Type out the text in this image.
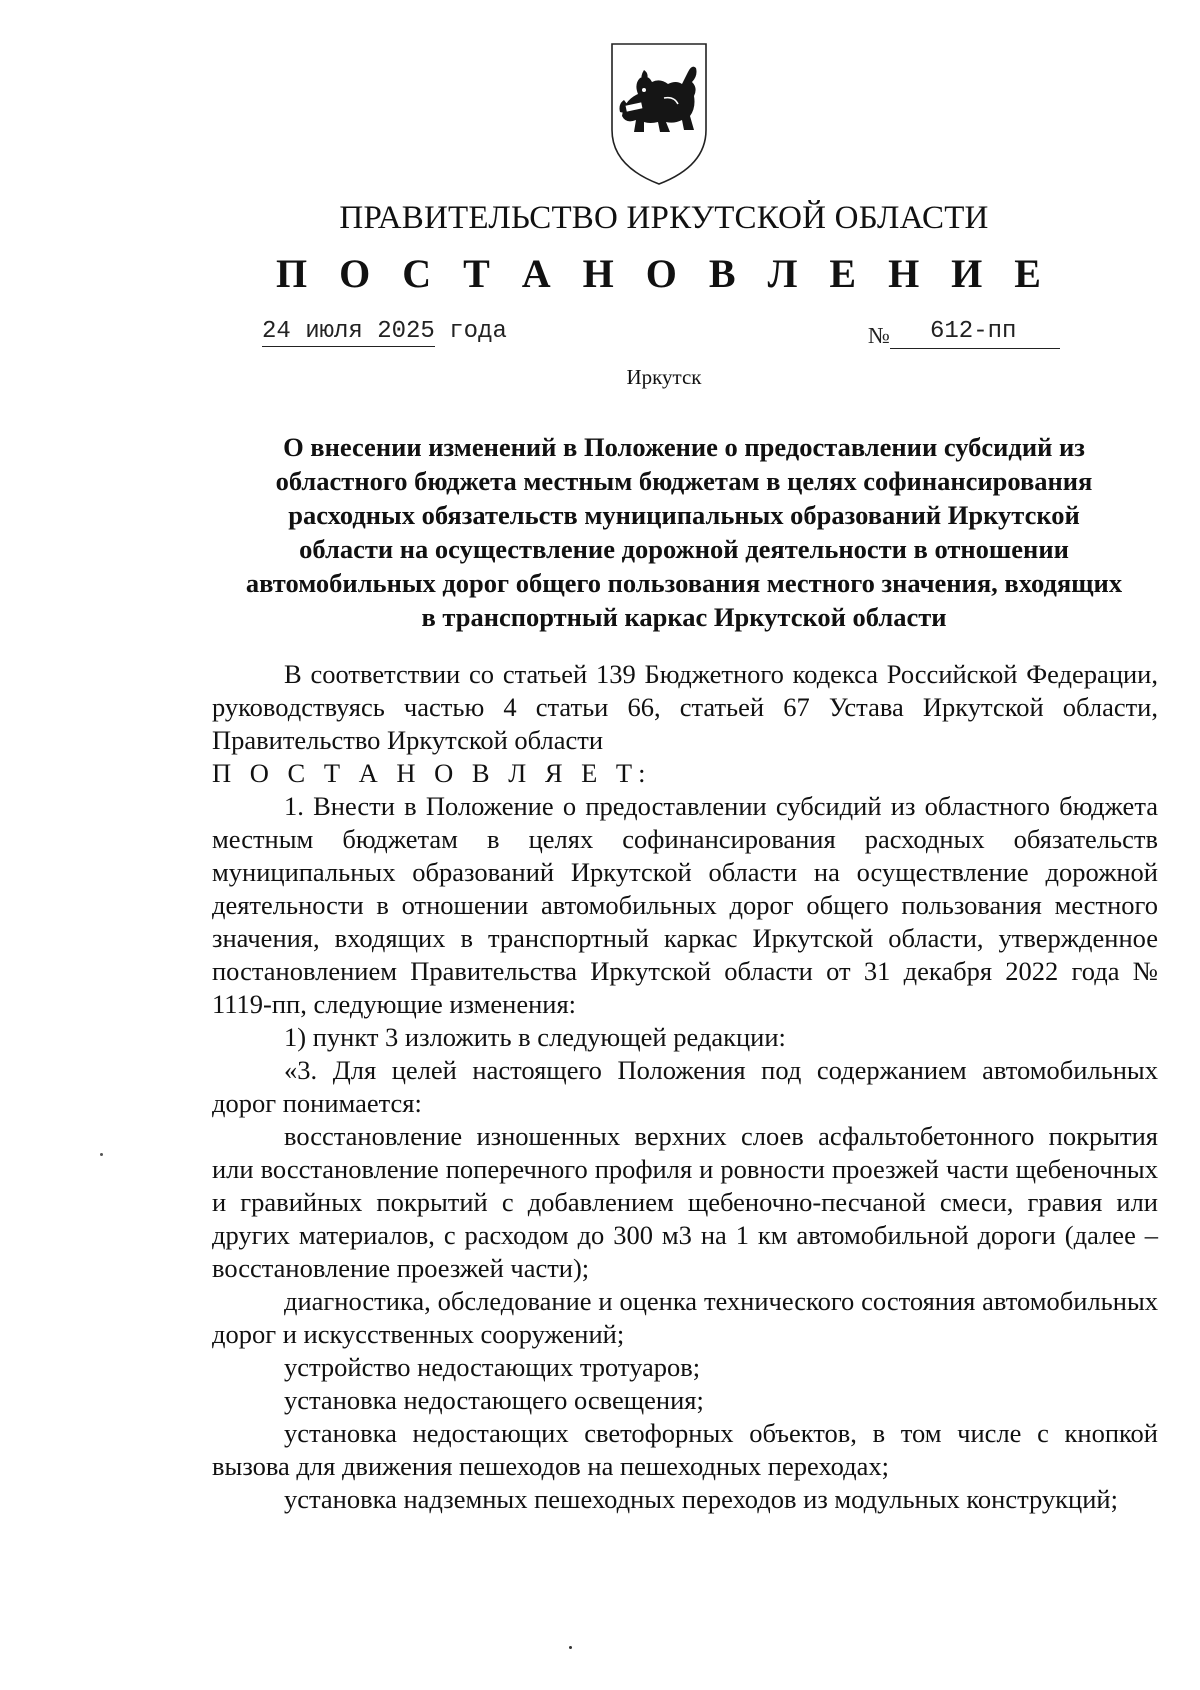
ПРАВИТЕЛЬСТВО ИРКУТСКОЙ ОБЛАСТИ
П О С Т А Н О В Л Е Н И Е
24 июля 2025 года	№	612-пп
Иркутск
О внесении изменений в Положение о предоставлении субсидий из
областного бюджета местным бюджетам в целях софинансирования
расходных обязательств муниципальных образований Иркутской
области на осуществление дорожной деятельности в отношении
автомобильных дорог общего пользования местного значения, входящих
в транспортный каркас Иркутской области

В соответствии со статьей 139 Бюджетного кодекса Российской Федерации, руководствуясь частью 4 статьи 66, статьей 67 Устава Иркутской области, Правительство Иркутской области

П О С Т А Н О В Л Я Е Т:

1. Внести в Положение о предоставлении субсидий из областного бюджета местным бюджетам в целях софинансирования расходных обязательств муниципальных образований Иркутской области на осуществление дорожной деятельности в отношении автомобильных дорог общего пользования местного значения, входящих в транспортный каркас Иркутской области, утвержденное постановлением Правительства Иркутской области от 31 декабря 2022 года № 1119-пп, следующие изменения:

1) пункт 3 изложить в следующей редакции:

«3. Для целей настоящего Положения под содержанием автомобильных дорог понимается:

восстановление изношенных верхних слоев асфальтобетонного покрытия или восстановление поперечного профиля и ровности проезжей части щебеночных и гравийных покрытий с добавлением щебеночно-песчаной смеси, гравия или других материалов, с расходом до 300 м3 на 1 км автомобильной дороги (далее – восстановление проезжей части);

диагностика, обследование и оценка технического состояния автомобильных дорог и искусственных сооружений;

устройство недостающих тротуаров;

установка недостающего освещения;

установка недостающих светофорных объектов, в том числе с кнопкой вызова для движения пешеходов на пешеходных переходах;

установка надземных пешеходных переходов из модульных конструкций;
